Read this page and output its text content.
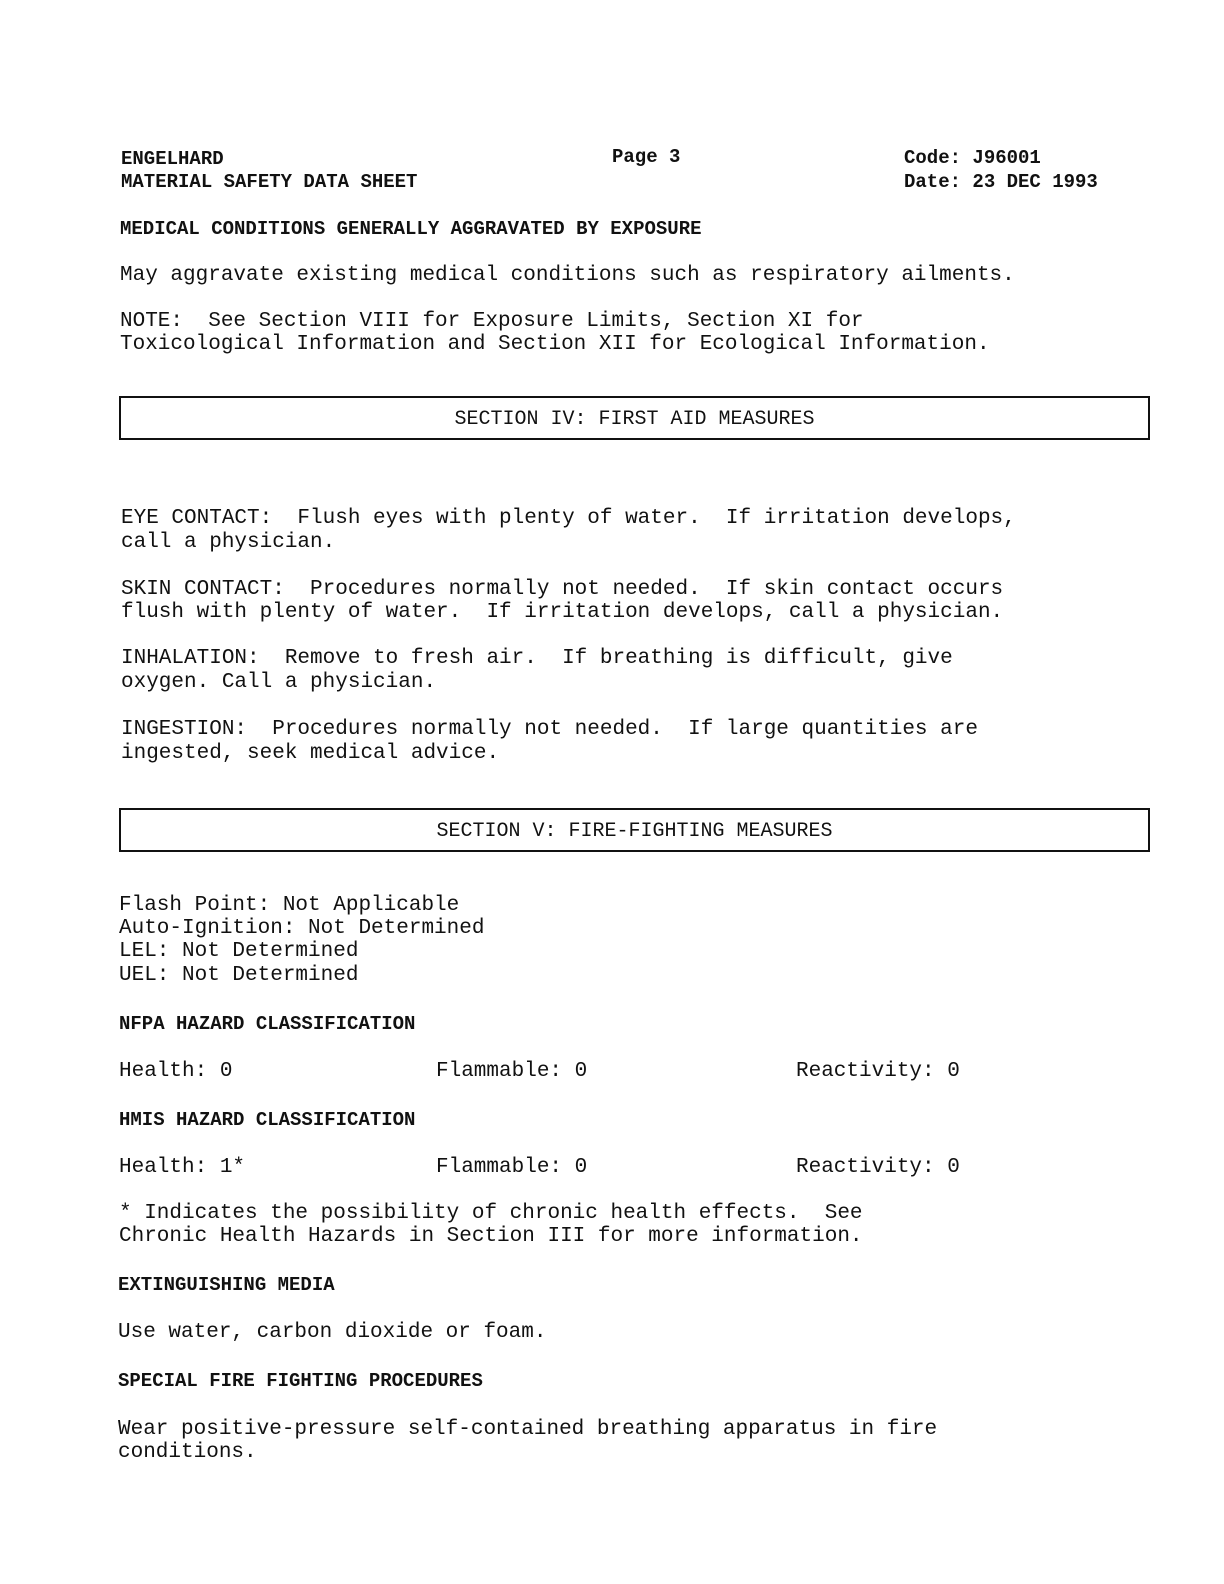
ENGELHARD
MATERIAL SAFETY DATA SHEET
Page 3	Code: J96001
Date: 23 DEC 1993
MEDICAL CONDITIONS GENERALLY AGGRAVATED BY EXPOSURE
May aggravate existing medical conditions such as respiratory ailments.
NOTE:  See Section VIII for Exposure Limits, Section XI for
Toxicological Information and Section XII for Ecological Information.
SECTION IV: FIRST AID MEASURES
EYE CONTACT:  Flush eyes with plenty of water.  If irritation develops,
call a physician.
SKIN CONTACT:  Procedures normally not needed.  If skin contact occurs
flush with plenty of water.  If irritation develops, call a physician.
INHALATION:  Remove to fresh air.  If breathing is difficult, give
oxygen. Call a physician.
INGESTION:  Procedures normally not needed.  If large quantities are
ingested, seek medical advice.
SECTION V: FIRE-FIGHTING MEASURES
Flash Point: Not Applicable
Auto-Ignition: Not Determined
LEL: Not Determined
UEL: Not Determined
NFPA HAZARD CLASSIFICATION
Health: 0	Flammable: 0	Reactivity: 0
HMIS HAZARD CLASSIFICATION
Health: 1*	Flammable: 0	Reactivity: 0
* Indicates the possibility of chronic health effects.  See
Chronic Health Hazards in Section III for more information.
EXTINGUISHING MEDIA
Use water, carbon dioxide or foam.
SPECIAL FIRE FIGHTING PROCEDURES
Wear positive-pressure self-contained breathing apparatus in fire
conditions.
